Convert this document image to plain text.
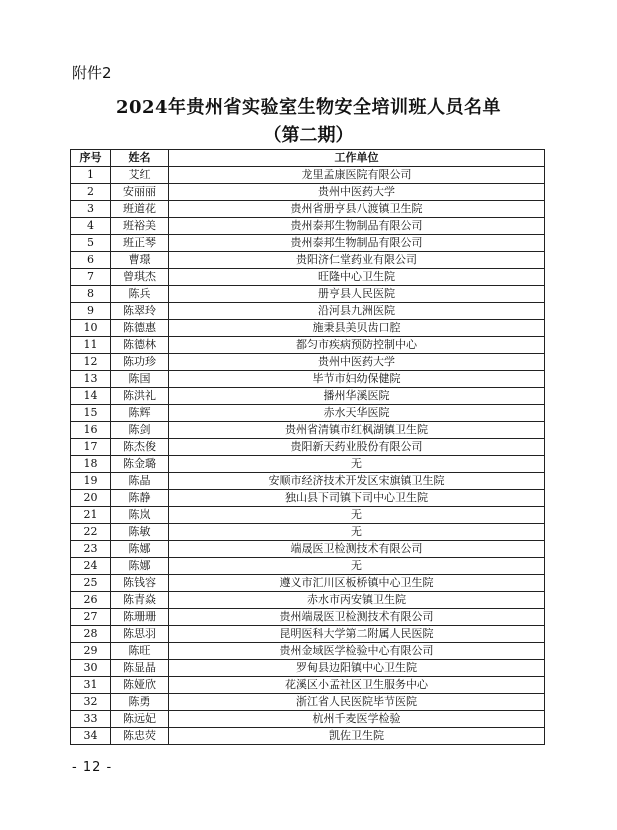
附件2
2024年贵州省实验室生物安全培训班人员名单
（第二期）
序号	姓名	工作单位
1	艾红	龙里孟康医院有限公司
2	安丽丽	贵州中医药大学
3	班道花	贵州省册亨县八渡镇卫生院
4	班裕美	贵州泰邦生物制品有限公司
5	班正琴	贵州泰邦生物制品有限公司
6	曹璟	贵阳济仁堂药业有限公司
7	曾琪杰	旺隆中心卫生院
8	陈兵	册亨县人民医院
9	陈翠玲	沿河县九洲医院
10	陈德惠	施秉县美贝齿口腔
11	陈德林	都匀市疾病预防控制中心
12	陈功珍	贵州中医药大学
13	陈国	毕节市妇幼保健院
14	陈洪礼	播州华溪医院
15	陈辉	赤水天华医院
16	陈剑	贵州省清镇市红枫湖镇卫生院
17	陈杰俊	贵阳新天药业股份有限公司
18	陈金璐	无
19	陈晶	安顺市经济技术开发区宋旗镇卫生院
20	陈静	独山县下司镇下司中心卫生院
21	陈岚	无
22	陈敏	无
23	陈娜	端晟医卫检测技术有限公司
24	陈娜	无
25	陈钱容	遵义市汇川区板桥镇中心卫生院
26	陈青焱	赤水市丙安镇卫生院
27	陈珊珊	贵州端晟医卫检测技术有限公司
28	陈思羽	昆明医科大学第二附属人民医院
29	陈旺	贵州金域医学检验中心有限公司
30	陈显晶	罗甸县边阳镇中心卫生院
31	陈娅欣	花溪区小孟社区卫生服务中心
32	陈勇	浙江省人民医院毕节医院
33	陈远妃	杭州千麦医学检验
34	陈忠荧	凯佐卫生院
- 12 -
